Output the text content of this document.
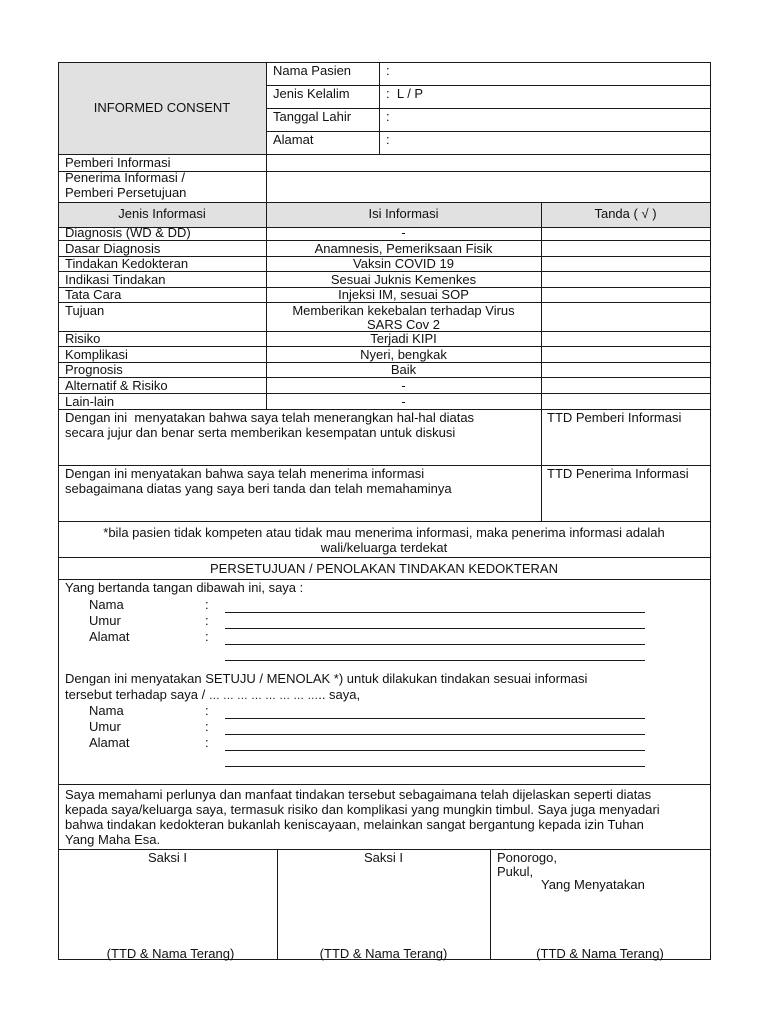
INFORMED CONSENT
Nama Pasien	:
Jenis Kelalim	:  L / P
Tanggal Lahir	:
Alamat	:
Pemberi Informasi
Penerima Informasi /
Pemberi Persetujuan
Jenis Informasi	Isi Informasi	Tanda ( √ )
Diagnosis (WD & DD)	-
Dasar Diagnosis	Anamnesis, Pemeriksaan Fisik
Tindakan Kedokteran	Vaksin COVID 19
Indikasi Tindakan	Sesuai Juknis Kemenkes
Tata Cara	Injeksi IM, sesuai SOP
Tujuan	Memberikan kekebalan terhadap Virus
SARS Cov 2
Risiko	Terjadi KIPI
Komplikasi	Nyeri, bengkak
Prognosis	Baik
Alternatif & Risiko	-
Lain-lain	-
Dengan ini  menyatakan bahwa saya telah menerangkan hal-hal diatas
secara jujur dan benar serta memberikan kesempatan untuk diskusi
TTD Pemberi Informasi
Dengan ini menyatakan bahwa saya telah menerima informasi
sebagaimana diatas yang saya beri tanda dan telah memahaminya
TTD Penerima Informasi
*bila pasien tidak kompeten atau tidak mau menerima informasi, maka penerima informasi adalah
wali/keluarga terdekat
PERSETUJUAN / PENOLAKAN TINDAKAN KEDOKTERAN
Yang bertanda tangan dibawah ini, saya :
Nama	:
Umur	:
Alamat	:
Dengan ini menyatakan SETUJU / MENOLAK *) untuk dilakukan tindakan sesuai informasi
tersebut terhadap saya / … … … … … … … ….. saya,
Nama	:
Umur	:
Alamat	:
Saya memahami perlunya dan manfaat tindakan tersebut sebagaimana telah dijelaskan seperti diatas
kepada saya/keluarga saya, termasuk risiko dan komplikasi yang mungkin timbul. Saya juga menyadari
bahwa tindakan kedokteran bukanlah keniscayaan, melainkan sangat bergantung kepada izin Tuhan
Yang Maha Esa.
Saksi I	Saksi I	Ponorogo,
Pukul,
Yang Menyatakan
(TTD & Nama Terang)	(TTD & Nama Terang)	(TTD & Nama Terang)
